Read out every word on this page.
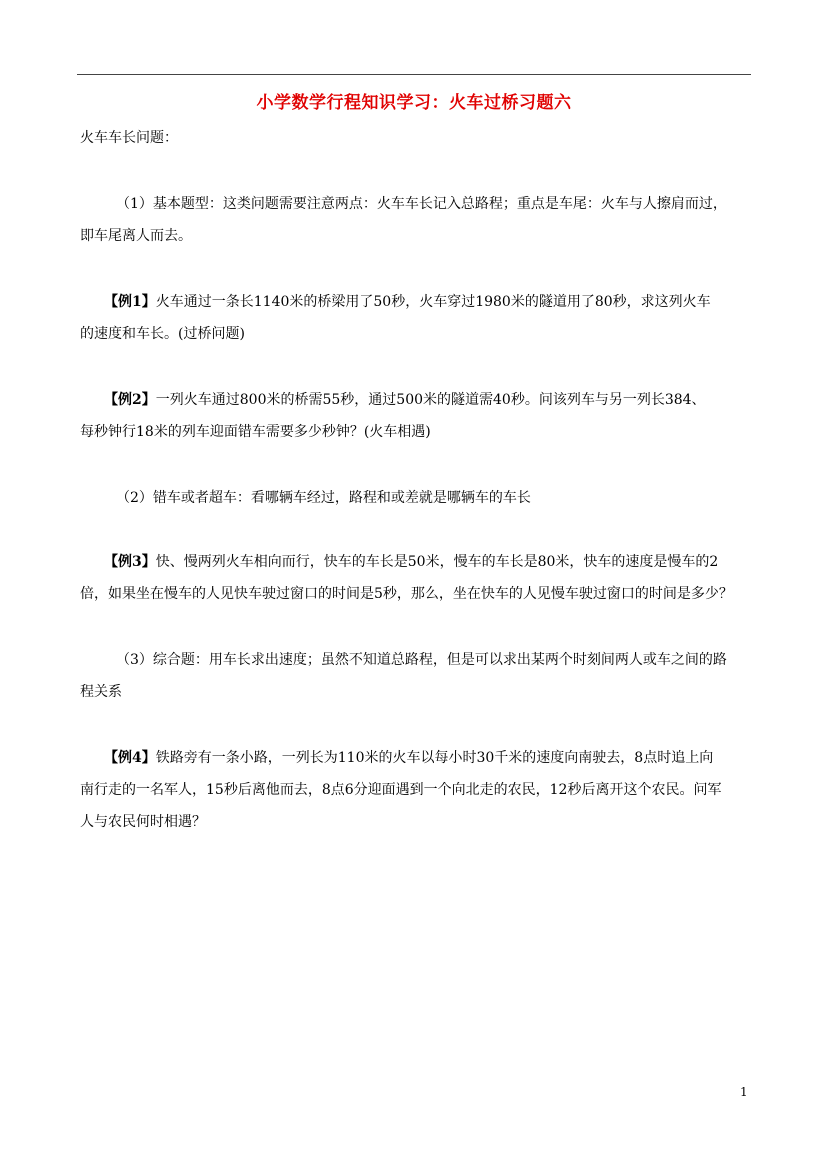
小学数学行程知识学习：火车过桥习题六
火车车长问题：
（1）基本题型：这类问题需要注意两点：火车车长记入总路程；重点是车尾：火车与人擦肩而过，
即车尾离人而去。
【例1】火车通过一条长1140米的桥梁用了50秒，火车穿过1980米的隧道用了80秒，求这列火车
的速度和车长。(过桥问题)
【例2】一列火车通过800米的桥需55秒，通过500米的隧道需40秒。问该列车与另一列长384、
每秒钟行18米的列车迎面错车需要多少秒钟？(火车相遇)
（2）错车或者超车：看哪辆车经过，路程和或差就是哪辆车的车长
【例3】快、慢两列火车相向而行，快车的车长是50米，慢车的车长是80米，快车的速度是慢车的2
倍，如果坐在慢车的人见快车驶过窗口的时间是5秒，那么，坐在快车的人见慢车驶过窗口的时间是多少？
（3）综合题：用车长求出速度；虽然不知道总路程，但是可以求出某两个时刻间两人或车之间的路
程关系
【例4】铁路旁有一条小路，一列长为110米的火车以每小时30千米的速度向南驶去，8点时追上向
南行走的一名军人，15秒后离他而去，8点6分迎面遇到一个向北走的农民，12秒后离开这个农民。问军
人与农民何时相遇？
1
